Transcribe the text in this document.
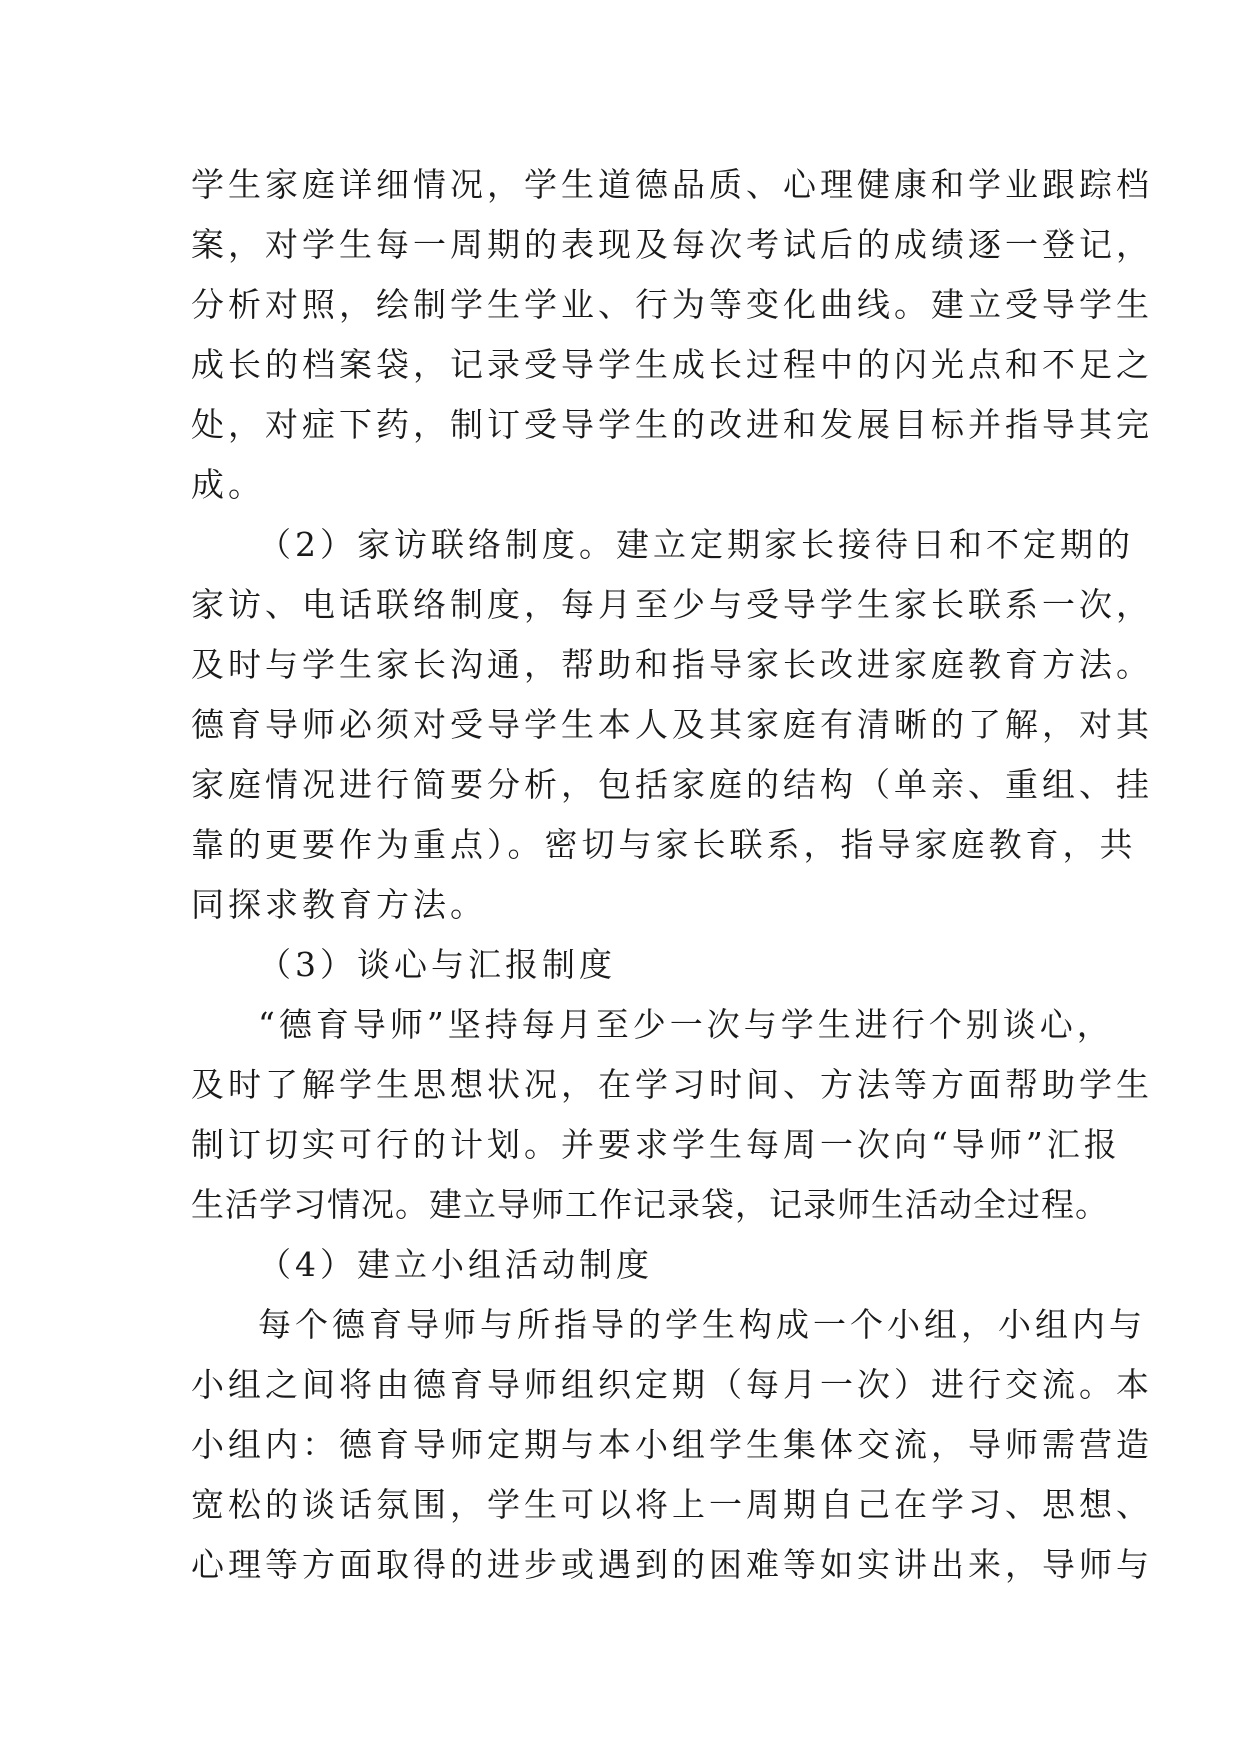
学生家庭详细情况，学生道德品质、心理健康和学业跟踪档
案，对学生每一周期的表现及每次考试后的成绩逐一登记，
分析对照，绘制学生学业、行为等变化曲线。建立受导学生
成长的档案袋，记录受导学生成长过程中的闪光点和不足之
处，对症下药，制订受导学生的改进和发展目标并指导其完
成。
（2）家访联络制度。建立定期家长接待日和不定期的
家访、电话联络制度，每月至少与受导学生家长联系一次，
及时与学生家长沟通，帮助和指导家长改进家庭教育方法。
德育导师必须对受导学生本人及其家庭有清晰的了解，对其
家庭情况进行简要分析，包括家庭的结构（单亲、重组、挂
靠的更要作为重点）。密切与家长联系，指导家庭教育，共
同探求教育方法。
（3）谈心与汇报制度
“德育导师”坚持每月至少一次与学生进行个别谈心，
及时了解学生思想状况，在学习时间、方法等方面帮助学生
制订切实可行的计划。并要求学生每周一次向“导师”汇报
生活学习情况。建立导师工作记录袋，记录师生活动全过程。
（4）建立小组活动制度
每个德育导师与所指导的学生构成一个小组，小组内与
小组之间将由德育导师组织定期（每月一次）进行交流。本
小组内：德育导师定期与本小组学生集体交流，导师需营造
宽松的谈话氛围，学生可以将上一周期自己在学习、思想、
心理等方面取得的进步或遇到的困难等如实讲出来，导师与
